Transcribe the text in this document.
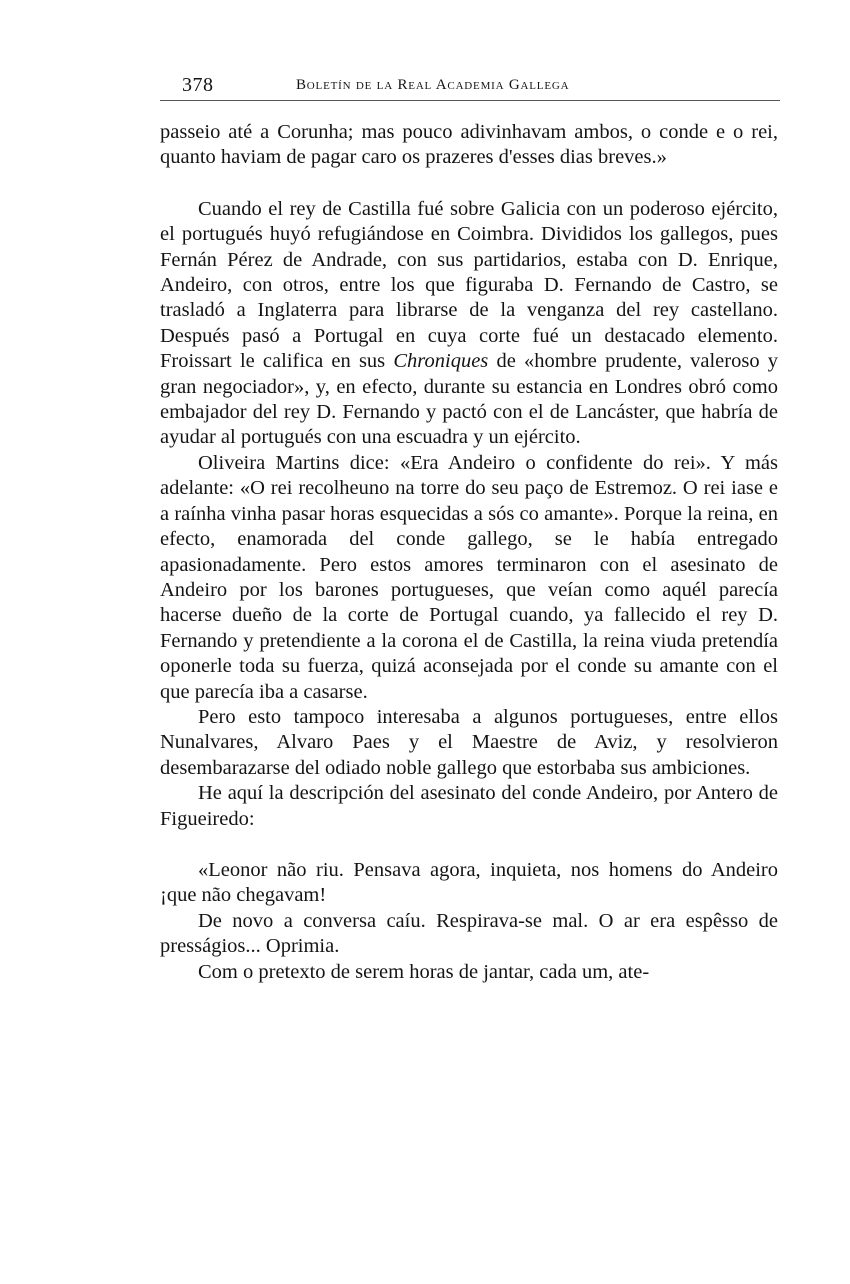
378	Boletín de la Real Academia Gallega

passeio até a Corunha; mas pouco adivinhavam ambos, o conde e o rei, quanto haviam de pagar caro os prazeres d'esses dias breves.»

Cuando el rey de Castilla fué sobre Galicia con un poderoso ejército, el portugués huyó refugiándose en Coimbra. Divididos los gallegos, pues Fernán Pérez de Andrade, con sus partidarios, estaba con D. Enrique, Andeiro, con otros, entre los que figuraba D. Fernando de Castro, se trasladó a Inglaterra para librarse de la venganza del rey castellano. Después pasó a Portugal en cuya corte fué un destacado elemento. Froissart le califica en sus Chroniques de «hombre prudente, valeroso y gran negociador», y, en efecto, durante su estancia en Londres obró como embajador del rey D. Fernando y pactó con el de Lancáster, que habría de ayudar al portugués con una escuadra y un ejército.

Oliveira Martins dice: «Era Andeiro o confidente do rei». Y más adelante: «O rei recolheuno na torre do seu paço de Estremoz. O rei iase e a raínha vinha pasar horas esquecidas a sós co amante». Porque la reina, en efecto, enamorada del conde gallego, se le había entregado apasionadamente. Pero estos amores terminaron con el asesinato de Andeiro por los barones portugueses, que veían como aquél parecía hacerse dueño de la corte de Portugal cuando, ya fallecido el rey D. Fernando y pretendiente a la corona el de Castilla, la reina viuda pretendía oponerle toda su fuerza, quizá aconsejada por el conde su amante con el que parecía iba a casarse.

Pero esto tampoco interesaba a algunos portugueses, entre ellos Nunalvares, Alvaro Paes y el Maestre de Aviz, y resolvieron desembarazarse del odiado noble gallego que estorbaba sus ambiciones.

He aquí la descripción del asesinato del conde Andeiro, por Antero de Figueiredo:

«Leonor não riu. Pensava agora, inquieta, nos homens do Andeiro ¡que não chegavam!

De novo a conversa caíu. Respirava-se mal. O ar era espêsso de presságios... Oprimia.

Com o pretexto de serem horas de jantar, cada um, ate-
